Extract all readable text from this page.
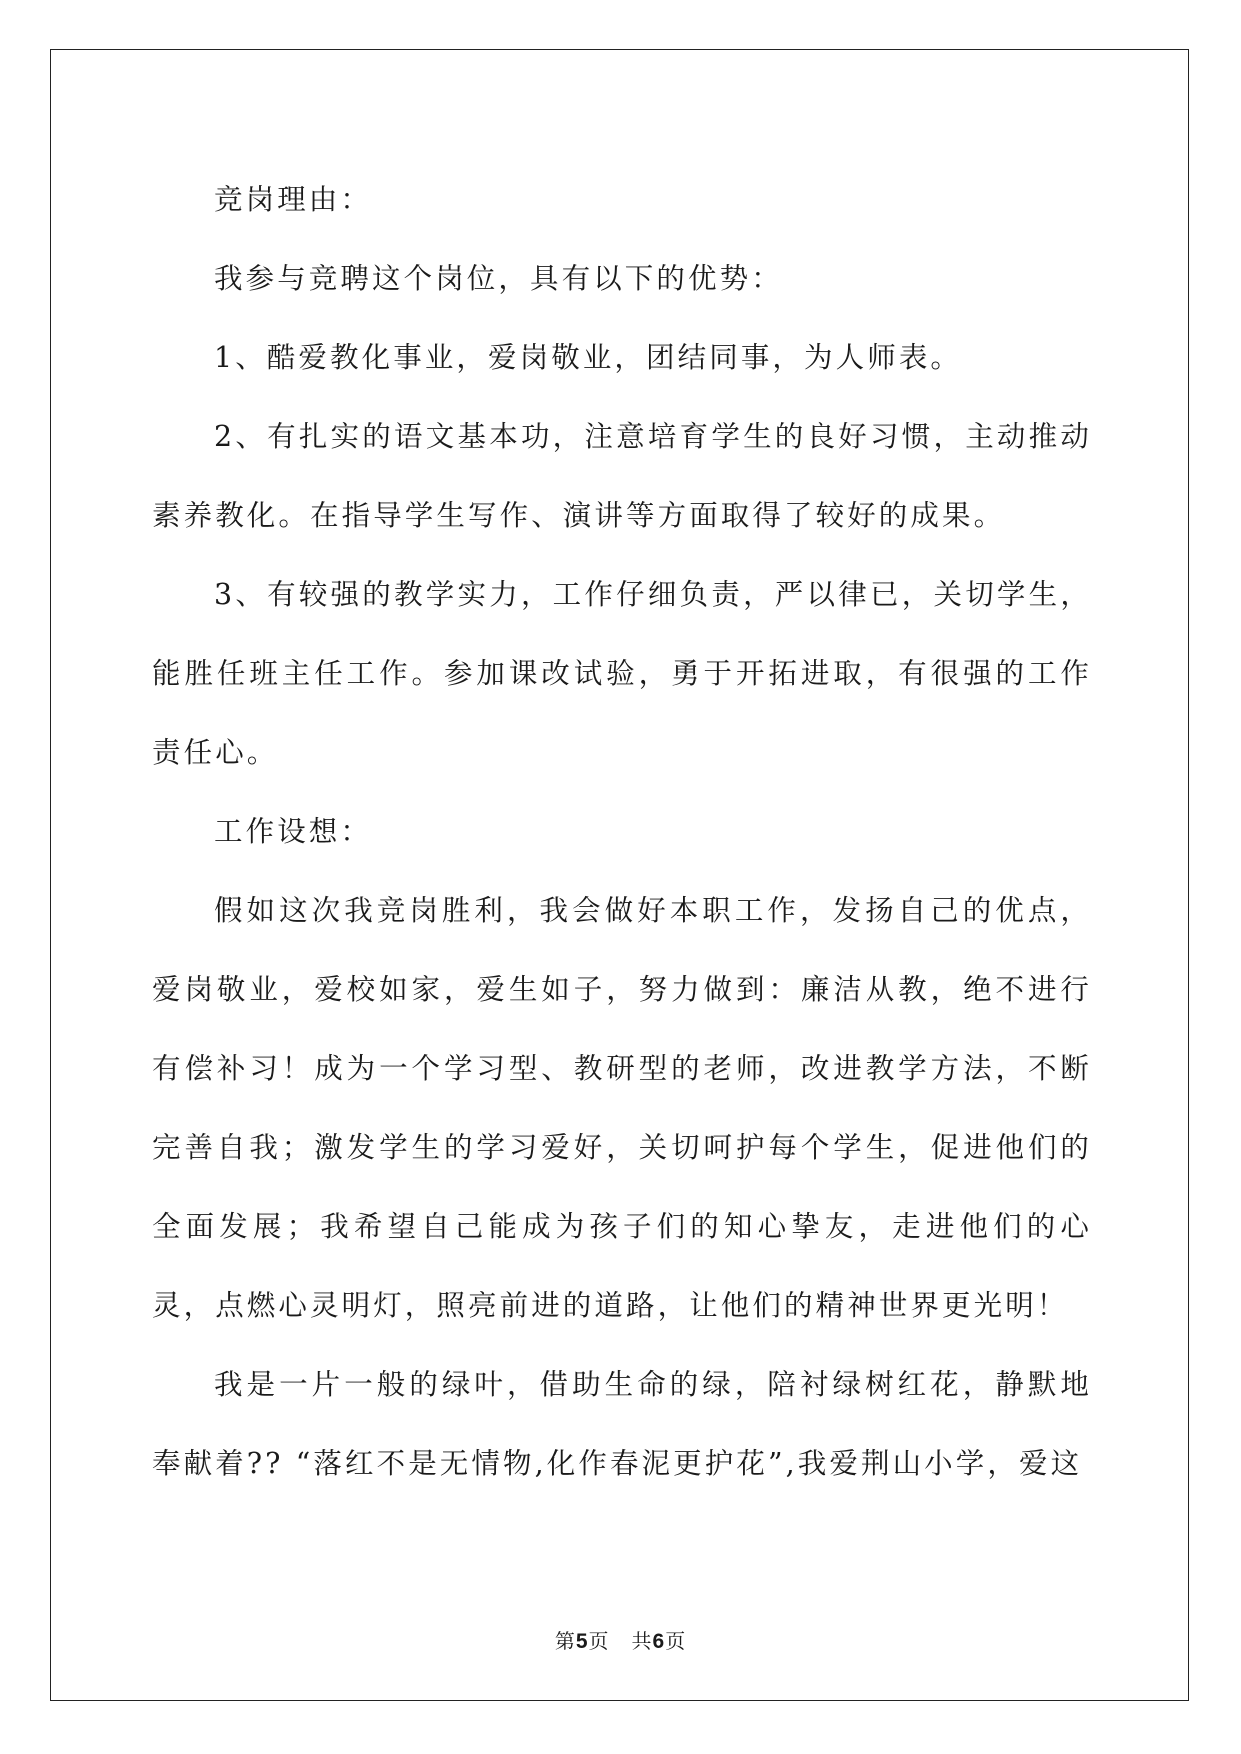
竞岗理由：

我参与竞聘这个岗位，具有以下的优势：

1、酷爱教化事业，爱岗敬业，团结同事，为人师表。

2、有扎实的语文基本功，注意培育学生的良好习惯，主动推动素养教化。在指导学生写作、演讲等方面取得了较好的成果。

3、有较强的教学实力，工作仔细负责，严以律已，关切学生，能胜任班主任工作。参加课改试验，勇于开拓进取，有很强的工作责任心。

工作设想：

假如这次我竞岗胜利，我会做好本职工作，发扬自己的优点，爱岗敬业，爱校如家，爱生如子，努力做到：廉洁从教，绝不进行有偿补习！成为一个学习型、教研型的老师，改进教学方法，不断完善自我；激发学生的学习爱好，关切呵护每个学生，促进他们的全面发展；我希望自己能成为孩子们的知心挚友，走进他们的心灵，点燃心灵明灯，照亮前进的道路，让他们的精神世界更光明！

我是一片一般的绿叶，借助生命的绿，陪衬绿树红花，静默地奉献着?? “落红不是无情物,化作春泥更护花”,我爱荆山小学，爱这

第5页 共6页
